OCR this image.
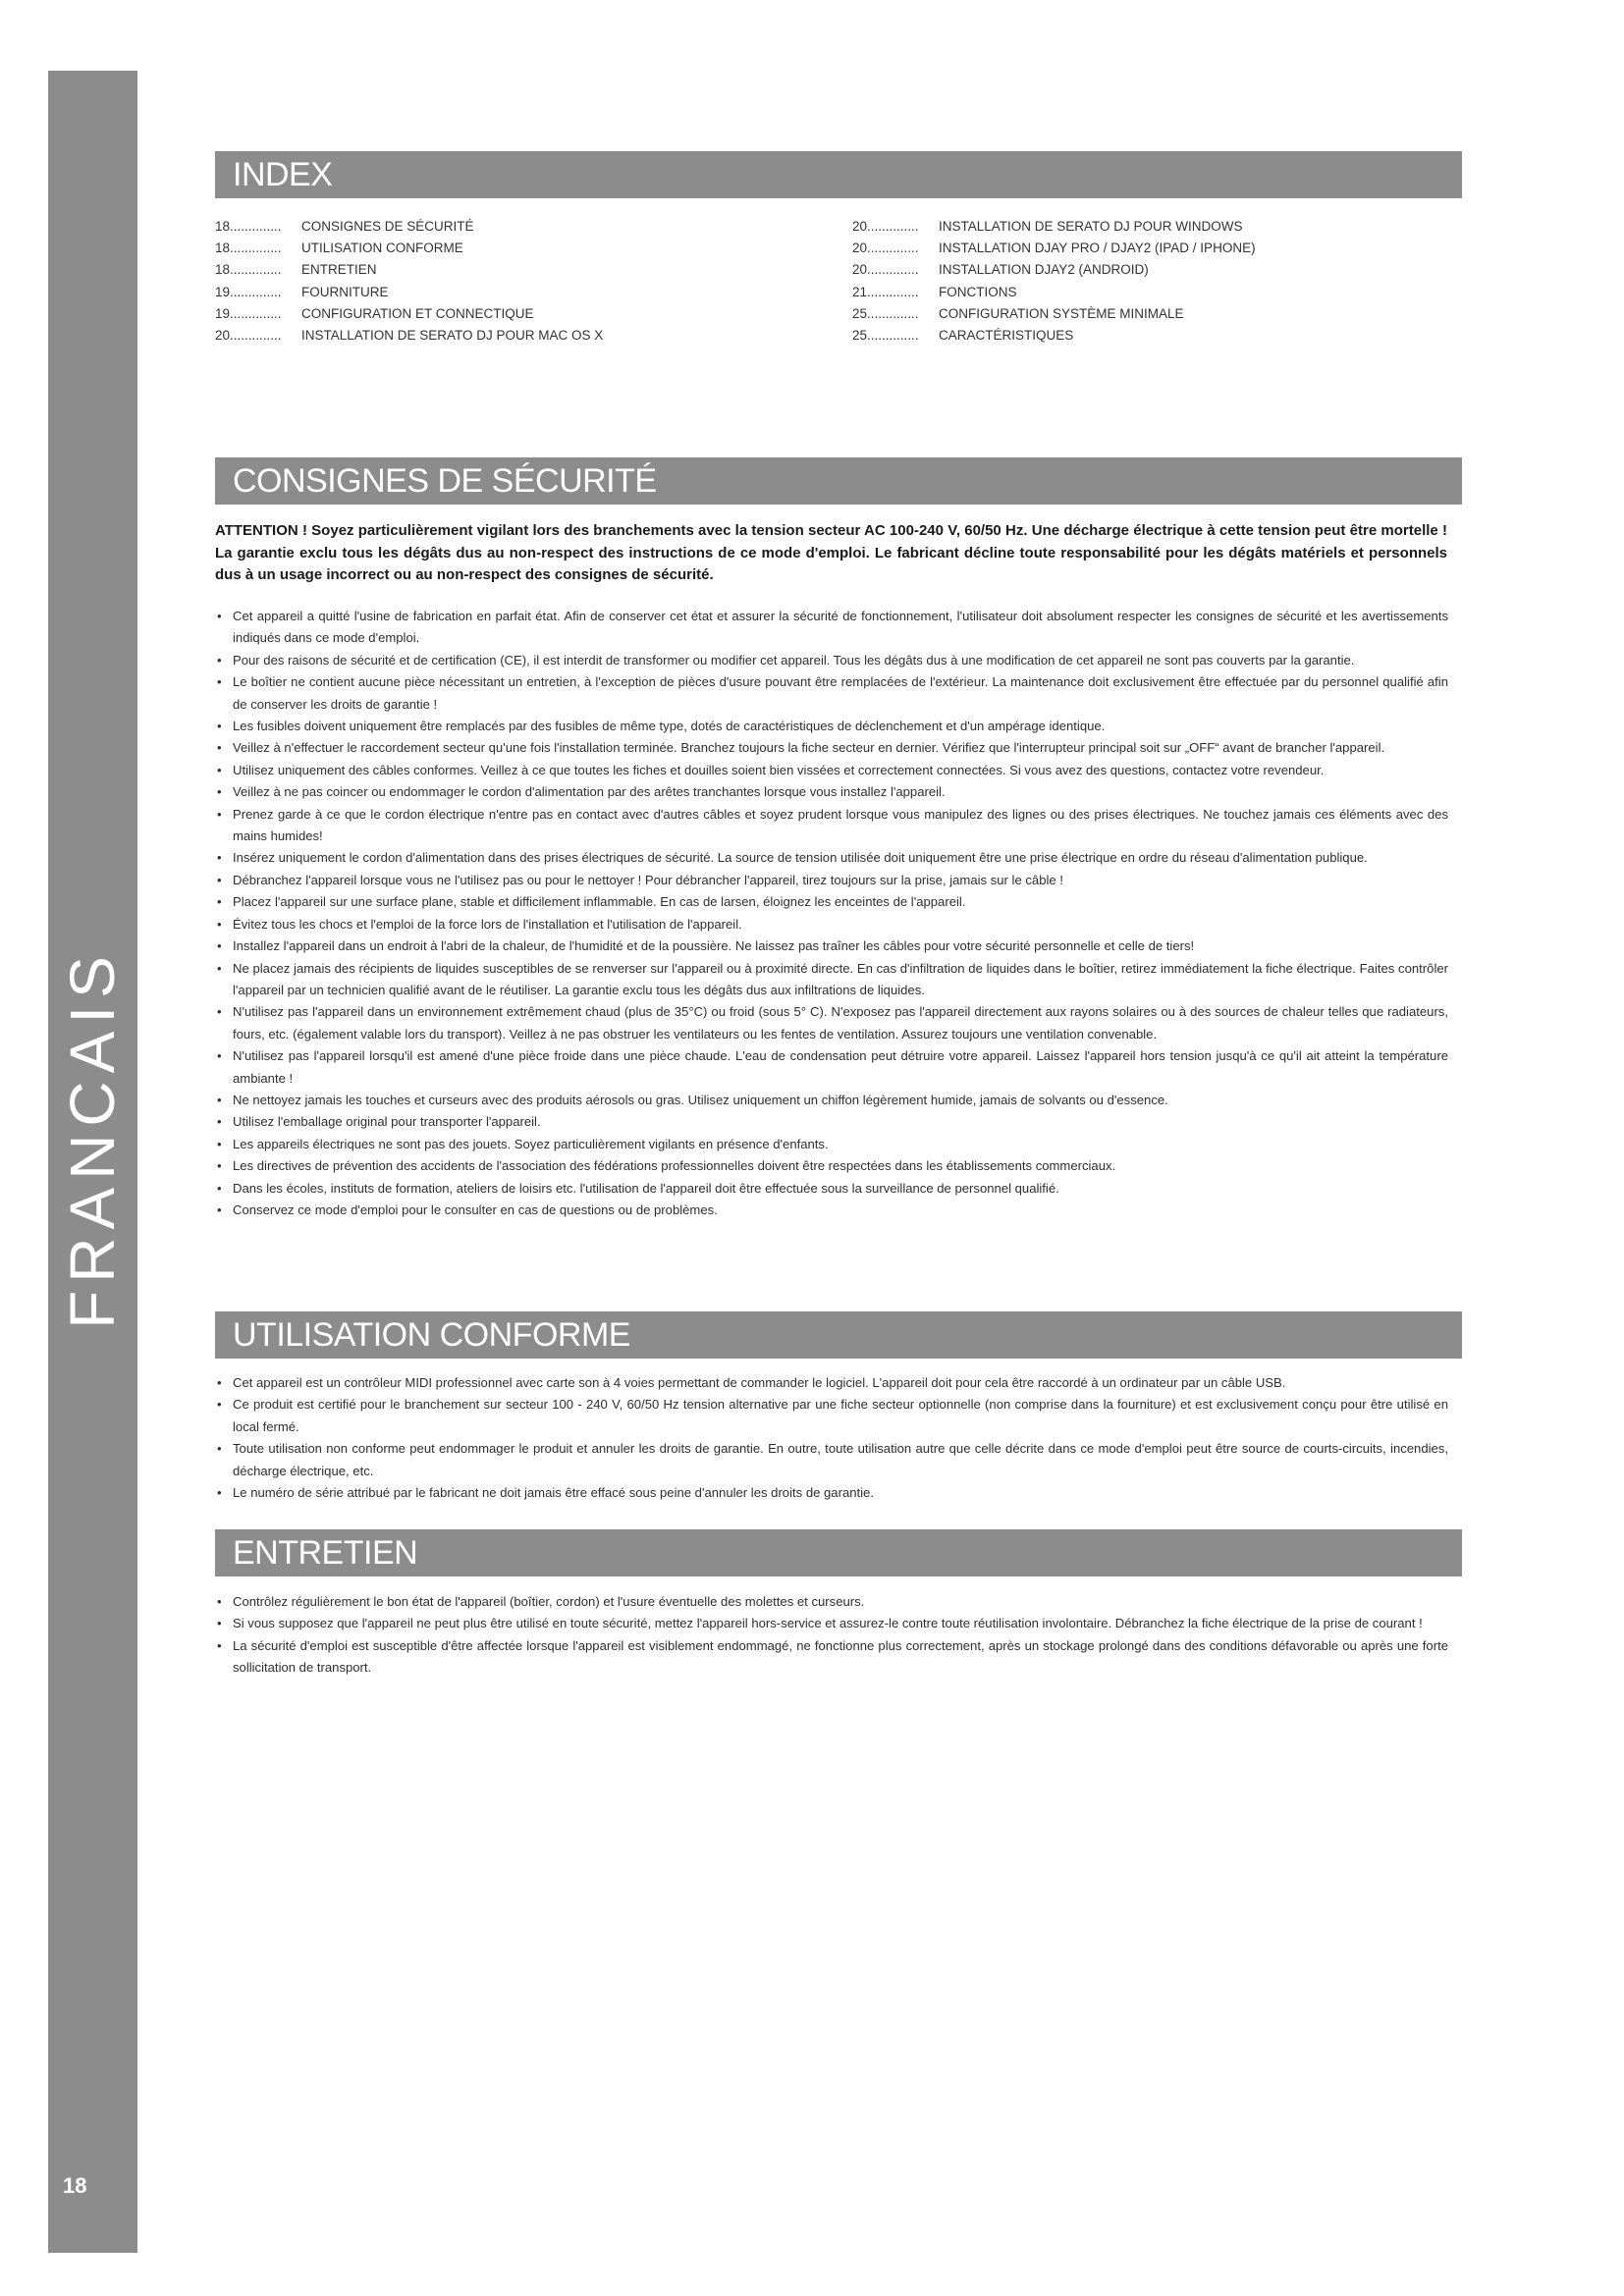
FRANCAIS
18
INDEX
18.............. CONSIGNES DE SÉCURITÉ
18.............. UTILISATION CONFORME
18.............. ENTRETIEN
19.............. FOURNITURE
19.............. CONFIGURATION ET CONNECTIQUE
20.............. INSTALLATION DE SERATO DJ POUR MAC OS X
20.............. INSTALLATION DE SERATO DJ POUR WINDOWS
20.............. INSTALLATION DJAY PRO / DJAY2 (IPAD / IPHONE)
20.............. INSTALLATION DJAY2 (ANDROID)
21.............. FONCTIONS
25.............. CONFIGURATION SYSTÈME MINIMALE
25.............. CARACTÉRISTIQUES
CONSIGNES DE SÉCURITÉ

ATTENTION ! Soyez particulièrement vigilant lors des branchements avec la tension secteur AC 100-240 V, 60/50 Hz. Une décharge électrique à cette tension peut être mortelle ! La garantie exclu tous les dégâts dus au non-respect des instructions de ce mode d'emploi. Le fabricant décline toute responsabilité pour les dégâts matériels et personnels dus à un usage incorrect ou au non-respect des consignes de sécurité.

• Cet appareil a quitté l'usine de fabrication en parfait état. Afin de conserver cet état et assurer la sécurité de fonctionnement, l'utilisateur doit absolument respecter les consignes de sécurité et les avertissements indiqués dans ce mode d'emploi.
• Pour des raisons de sécurité et de certification (CE), il est interdit de transformer ou modifier cet appareil. Tous les dégâts dus à une modification de cet appareil ne sont pas couverts par la garantie.
• Le boîtier ne contient aucune pièce nécessitant un entretien, à l'exception de pièces d'usure pouvant être remplacées de l'extérieur. La maintenance doit exclusivement être effectuée par du personnel qualifié afin de conserver les droits de garantie !
• Les fusibles doivent uniquement être remplacés par des fusibles de même type, dotés de caractéristiques de déclenchement et d'un ampérage identique.
• Veillez à n'effectuer le raccordement secteur qu'une fois l'installation terminée. Branchez toujours la fiche secteur en dernier. Vérifiez que l'interrupteur principal soit sur „OFF“ avant de brancher l'appareil.
• Utilisez uniquement des câbles conformes. Veillez à ce que toutes les fiches et douilles soient bien vissées et correctement connectées. Si vous avez des questions, contactez votre revendeur.
• Veillez à ne pas coincer ou endommager le cordon d'alimentation par des arêtes tranchantes lorsque vous installez l'appareil.
• Prenez garde à ce que le cordon électrique n'entre pas en contact avec d'autres câbles et soyez prudent lorsque vous manipulez des lignes ou des prises électriques. Ne touchez jamais ces éléments avec des mains humides!
• Insérez uniquement le cordon d'alimentation dans des prises électriques de sécurité. La source de tension utilisée doit uniquement être une prise électrique en ordre du réseau d'alimentation publique.
• Débranchez l'appareil lorsque vous ne l'utilisez pas ou pour le nettoyer ! Pour débrancher l'appareil, tirez toujours sur la prise, jamais sur le câble !
• Placez l'appareil sur une surface plane, stable et difficilement inflammable. En cas de larsen, éloignez les enceintes de l'appareil.
• Évitez tous les chocs et l'emploi de la force lors de l'installation et l'utilisation de l'appareil.
• Installez l'appareil dans un endroit à l'abri de la chaleur, de l'humidité et de la poussière. Ne laissez pas traîner les câbles pour votre sécurité personnelle et celle de tiers!
• Ne placez jamais des récipients de liquides susceptibles de se renverser sur l'appareil ou à proximité directe. En cas d'infiltration de liquides dans le boîtier, retirez immédiatement la fiche électrique. Faites contrôler l'appareil par un technicien qualifié avant de le réutiliser. La garantie exclu tous les dégâts dus aux infiltrations de liquides.
• N'utilisez pas l'appareil dans un environnement extrêmement chaud (plus de 35°C) ou froid (sous 5° C). N'exposez pas l'appareil directement aux rayons solaires ou à des sources de chaleur telles que radiateurs, fours, etc. (également valable lors du transport). Veillez à ne pas obstruer les ventilateurs ou les fentes de ventilation. Assurez toujours une ventilation convenable.
• N'utilisez pas l'appareil lorsqu'il est amené d'une pièce froide dans une pièce chaude. L'eau de condensation peut détruire votre appareil. Laissez l'appareil hors tension jusqu'à ce qu'il ait atteint la température ambiante !
• Ne nettoyez jamais les touches et curseurs avec des produits aérosols ou gras. Utilisez uniquement un chiffon légèrement humide, jamais de solvants ou d'essence.
• Utilisez l'emballage original pour transporter l'appareil.
• Les appareils électriques ne sont pas des jouets. Soyez particulièrement vigilants en présence d'enfants.
• Les directives de prévention des accidents de l'association des fédérations professionnelles doivent être respectées dans les établissements commerciaux.
• Dans les écoles, instituts de formation, ateliers de loisirs etc. l'utilisation de l'appareil doit être effectuée sous la surveillance de personnel qualifié.
• Conservez ce mode d'emploi pour le consulter en cas de questions ou de problèmes.
UTILISATION CONFORME
• Cet appareil est un contrôleur MIDI professionnel avec carte son à 4 voies permettant de commander le logiciel. L'appareil doit pour cela être raccordé à un ordinateur par un câble USB.
• Ce produit est certifié pour le branchement sur secteur 100 - 240 V, 60/50 Hz tension alternative par une fiche secteur optionnelle (non comprise dans la fourniture) et est exclusivement conçu pour être utilisé en local fermé.
• Toute utilisation non conforme peut endommager le produit et annuler les droits de garantie. En outre, toute utilisation autre que celle décrite dans ce mode d'emploi peut être source de courts-circuits, incendies, décharge électrique, etc.
• Le numéro de série attribué par le fabricant ne doit jamais être effacé sous peine d'annuler les droits de garantie.
ENTRETIEN
• Contrôlez régulièrement le bon état de l'appareil (boîtier, cordon) et l'usure éventuelle des molettes et curseurs.
• Si vous supposez que l'appareil ne peut plus être utilisé en toute sécurité, mettez l'appareil hors-service et assurez-le contre toute réutilisation involontaire. Débranchez la fiche électrique de la prise de courant !
• La sécurité d'emploi est susceptible d'être affectée lorsque l'appareil est visiblement endommagé, ne fonctionne plus correctement, après un stockage prolongé dans des conditions défavorable ou après une forte sollicitation de transport.
